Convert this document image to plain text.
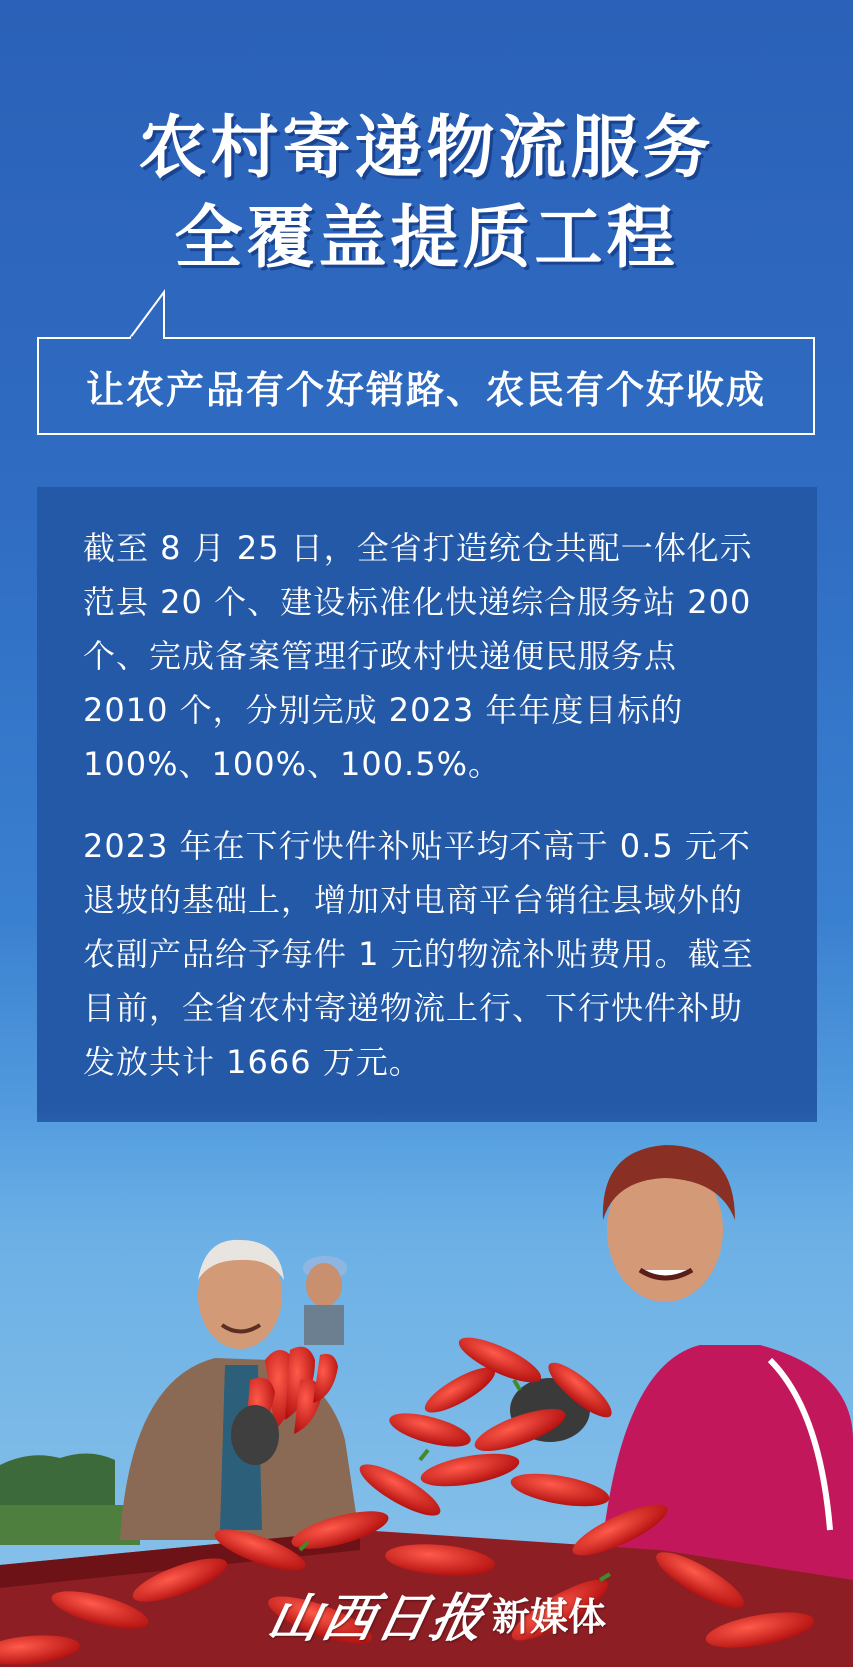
农村寄递物流服务
全覆盖提质工程
让农产品有个好销路、农民有个好收成
截至 8 月 25 日，全省打造统仓共配一体化示范县 20 个、建设标准化快递综合服务站 200 个、完成备案管理行政村快递便民服务点 2010 个，分别完成 2023 年年度目标的 100%、100%、100.5%。
2023 年在下行快件补贴平均不高于 0.5 元不退坡的基础上，增加对电商平台销往县域外的农副产品给予每件 1 元的物流补贴费用。截至目前，全省农村寄递物流上行、下行快件补助发放共计 1666 万元。
山西日报 新媒体
